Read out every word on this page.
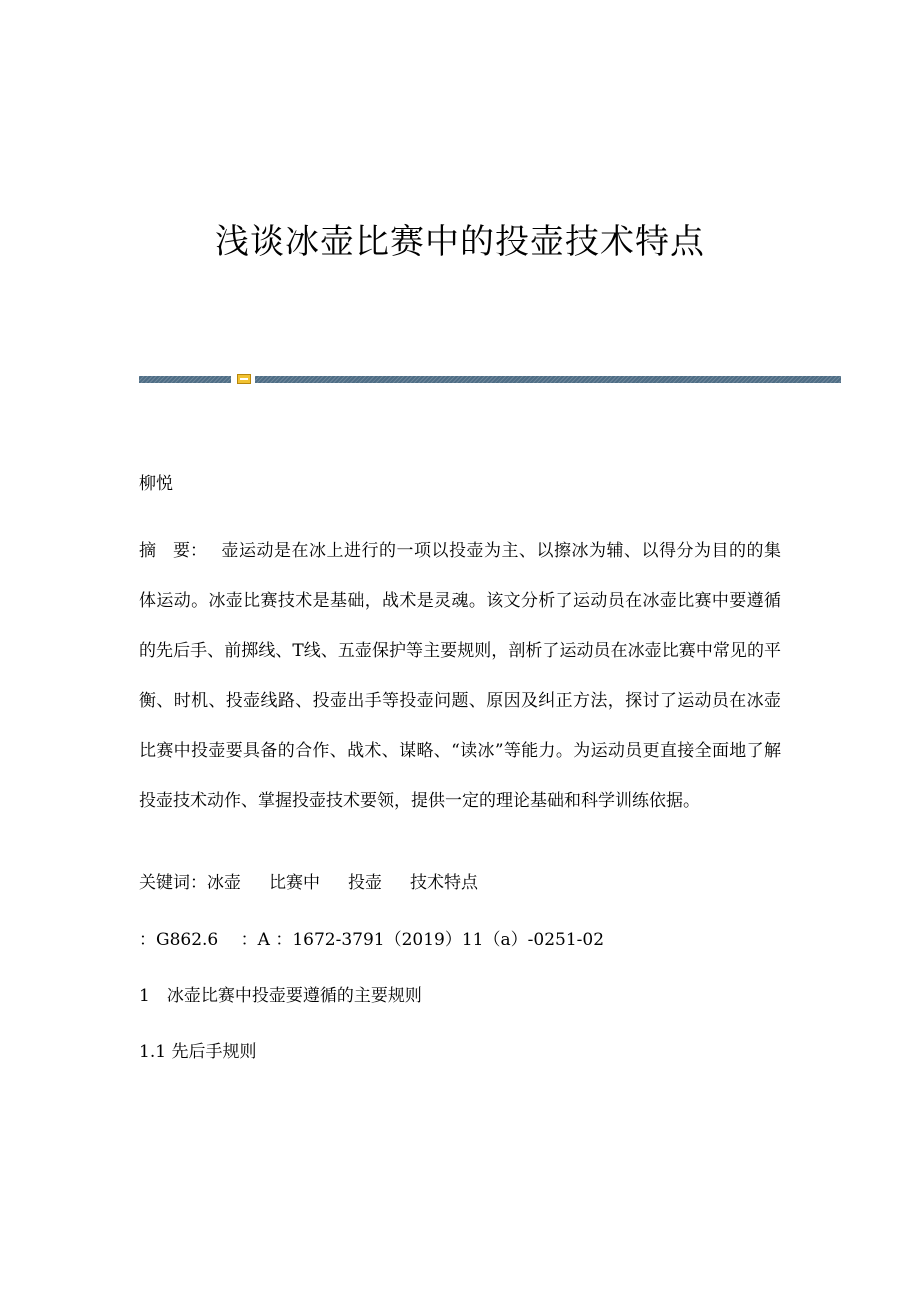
浅谈冰壶比赛中的投壶技术特点
柳悦

摘　要： 壶运动是在冰上进行的一项以投壶为主、以擦冰为辅、以得分为目的的集体运动。冰壶比赛技术是基础，战术是灵魂。该文分析了运动员在冰壶比赛中要遵循的先后手、前掷线、T线、五壶保护等主要规则，剖析了运动员在冰壶比赛中常见的平衡、时机、投壶线路、投壶出手等投壶问题、原因及纠正方法，探讨了运动员在冰壶比赛中投壶要具备的合作、战术、谋略、“读冰”等能力。为运动员更直接全面地了解投壶技术动作、掌握投壶技术要领，提供一定的理论基础和科学训练依据。

关键词：冰壶 比赛中 投壶 技术特点
：G862.6　 ：A ：1672-3791（2019）11（a）-0251-02
1　冰壶比赛中投壶要遵循的主要规则
1.1 先后手规则
